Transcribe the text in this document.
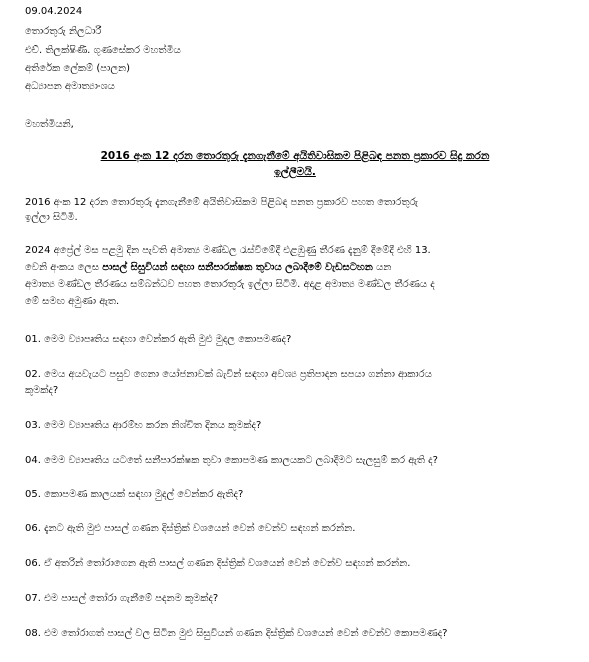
09.04.2024
තොරතුරු නිලධාරී
එච්. තිලක්ෂිණී. ගුණසේකර මහත්මිය
අතිරේක ලේකම් (පාලන)
අධ්‍යාපන අමාත්‍යාංශය
මහත්මියනි,
2016 අංක 12 දරන තොරතුරු දැනගැනීමේ අයිතිවාසිකම පිළිබඳ පනත ප්‍රකාරව සිදු කරන
ඉල්ලීමයි.
2016 අංක 12 දරන තොරතුරු දැනගැනීමේ අයිතිවාසිකම පිළිබඳ පනත ප්‍රකාරව පහත තොරතුරු
ඉල්ලා සිටිමි.
2024 අප්‍රේල් මස පළමු දින පැවති අමාත්‍ය මණ්ඩල රැස්වීමේදී එළඹුණු තීරණ දැනුම් දීමේදී එහි 13.
වෙනි අංකය ලෙස පාසල් සිසුවියන් සඳහා සනීපාරක්ෂක තුවාය ලබාදීමේ වැඩසටහන යන
අමාත්‍ය මණ්ඩල තීරණය සම්බන්ධව පහත තොරතුරු ඉල්ලා සිටිමි. අදාළ අමාත්‍ය මණ්ඩල තීරණය ද
මේ සමඟ අමුණා ඇත.
01. මෙම ව්‍යාපෘතිය සඳහා වෙන්කර ඇති මුළු මුදල කොපමණද?
02. මෙය අයවැයට පසුව ගෙනා යෝජනාවක් බැවින් සඳහා අවශ්‍ය ප්‍රතිපාදන සපයා ගන්නා ආකාරය
කුමක්ද?
03. මෙම ව්‍යාපෘතිය ආරම්භ කරන නිශ්චිත දිනය කුමක්ද?
04. මෙම ව්‍යාපෘතිය යටතේ සනීපාරක්ෂක තුවා කොපමණ කාලයකට ලබාදීමට සැලසුම් කර ඇති ද?
05. කොපමණ කාලයක් සඳහා මුදල් වෙන්කර ඇතිද?
06. දැනට ඇති මුළු පාසල් ගණන දිස්ත්‍රික් වශයෙන් වෙන් වෙන්ව සඳහන් කරන්න.
06. ඒ අතරින් තෝරාගෙන ඇති පාසල් ගණන දිස්ත්‍රික් වශයෙන් වෙන් වෙන්ව සඳහන් කරන්න.
07. එම පාසල් තෝරා ගැනීමේ පදනම කුමක්ද?
08. එම තෝරාගත් පාසල් වල සිටින මුළු සිසුවියන් ගණන දිස්ත්‍රික් වශයෙන් වෙන් වෙන්ව කොපමණද?
